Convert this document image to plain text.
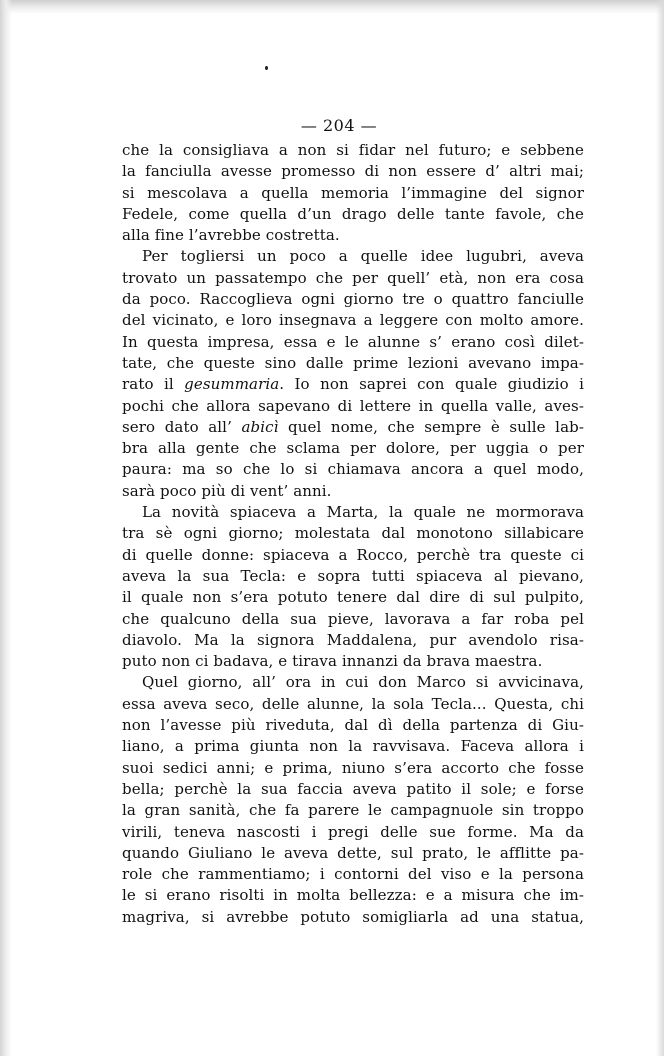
— 204 —
che la consigliava a non si fidar nel futuro; e sebbene
la fanciulla avesse promesso di non essere d’ altri mai;
si mescolava a quella memoria l’immagine del signor
Fedele, come quella d’un drago delle tante favole, che
alla fine l’avrebbe costretta.
Per togliersi un poco a quelle idee lugubri, aveva
trovato un passatempo che per quell’ età, non era cosa
da poco. Raccoglieva ogni giorno tre o quattro fanciulle
del vicinato, e loro insegnava a leggere con molto amore.
In questa impresa, essa e le alunne s’ erano così dilet-
tate, che queste sino dalle prime lezioni avevano impa-
rato il gesummaria. Io non saprei con quale giudizio i
pochi che allora sapevano di lettere in quella valle, aves-
sero dato all’ abicì quel nome, che sempre è sulle lab-
bra alla gente che sclama per dolore, per uggia o per
paura: ma so che lo si chiamava ancora a quel modo,
sarà poco più di vent’ anni.
La novità spiaceva a Marta, la quale ne mormorava
tra sè ogni giorno; molestata dal monotono sillabicare
di quelle donne: spiaceva a Rocco, perchè tra queste ci
aveva la sua Tecla: e sopra tutti spiaceva al pievano,
il quale non s’era potuto tenere dal dire di sul pulpito,
che qualcuno della sua pieve, lavorava a far roba pel
diavolo. Ma la signora Maddalena, pur avendolo risa-
puto non ci badava, e tirava innanzi da brava maestra.
Quel giorno, all’ ora in cui don Marco si avvicinava,
essa aveva seco, delle alunne, la sola Tecla... Questa, chi
non l’avesse più riveduta, dal dì della partenza di Giu-
liano, a prima giunta non la ravvisava. Faceva allora i
suoi sedici anni; e prima, niuno s’era accorto che fosse
bella; perchè la sua faccia aveva patito il sole; e forse
la gran sanità, che fa parere le campagnuole sin troppo
virili, teneva nascosti i pregi delle sue forme. Ma da
quando Giuliano le aveva dette, sul prato, le afflitte pa-
role che rammentiamo; i contorni del viso e la persona
le si erano risolti in molta bellezza: e a misura che im-
magriva, si avrebbe potuto somigliarla ad una statua,
